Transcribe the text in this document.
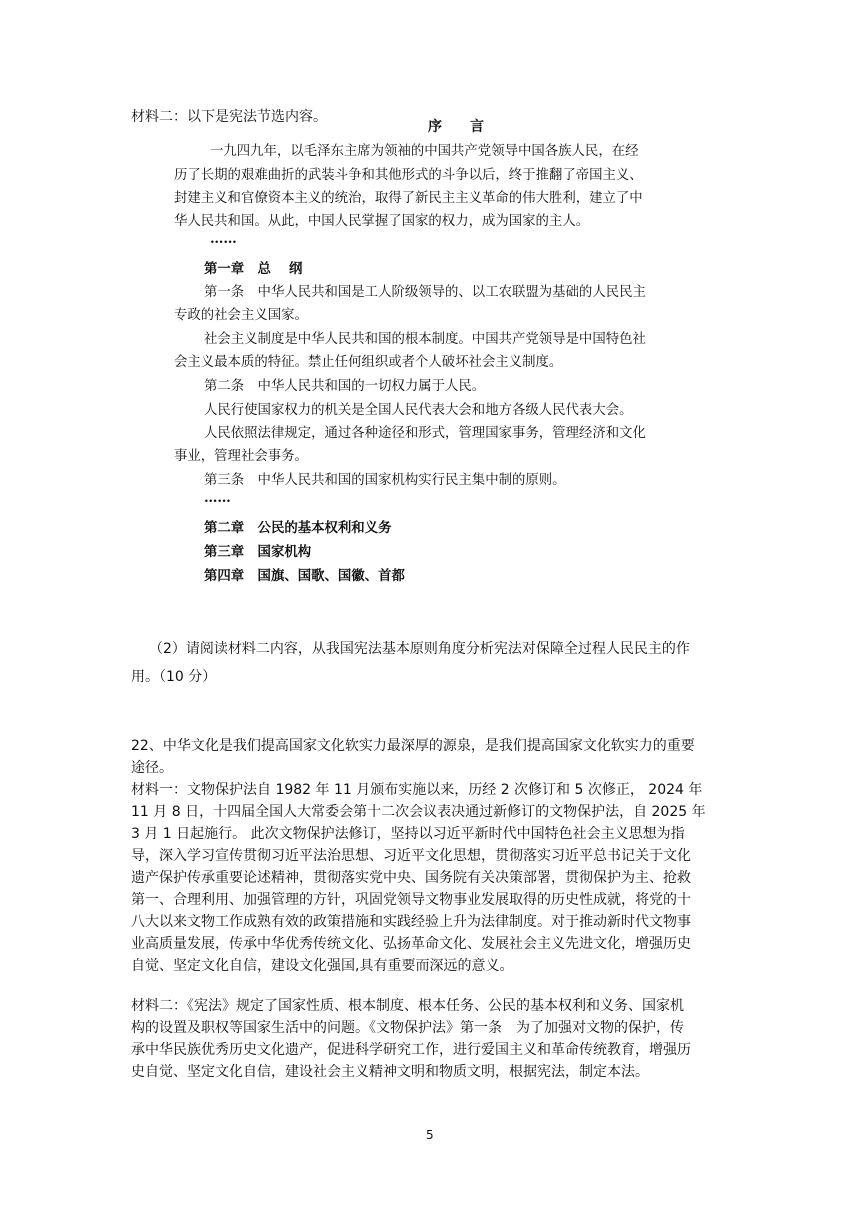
材料二：以下是宪法节选内容。
序　　言
一九四九年，以毛泽东主席为领袖的中国共产党领导中国各族人民，在经
历了长期的艰难曲折的武装斗争和其他形式的斗争以后，终于推翻了帝国主义、
封建主义和官僚资本主义的统治，取得了新民主主义革命的伟大胜利，建立了中
华人民共和国。从此，中国人民掌握了国家的权力，成为国家的主人。
……
第一章　总　 纲
第一条　中华人民共和国是工人阶级领导的、以工农联盟为基础的人民民主
专政的社会主义国家。
社会主义制度是中华人民共和国的根本制度。中国共产党领导是中国特色社
会主义最本质的特征。禁止任何组织或者个人破坏社会主义制度。
第二条　中华人民共和国的一切权力属于人民。
人民行使国家权力的机关是全国人民代表大会和地方各级人民代表大会。
人民依照法律规定，通过各种途径和形式，管理国家事务，管理经济和文化
事业，管理社会事务。
第三条　中华人民共和国的国家机构实行民主集中制的原则。
……
第二章　公民的基本权利和义务
第三章　国家机构
第四章　国旗、国歌、国徽、首都
（2）请阅读材料二内容，从我国宪法基本原则角度分析宪法对保障全过程人民民主的作
用。（10 分）
22、中华文化是我们提高国家文化软实力最深厚的源泉，是我们提高国家文化软实力的重要
途径。
材料一：文物保护法自 1982 年 11 月颁布实施以来，历经 2 次修订和 5 次修正， 2024 年
11 月 8 日，十四届全国人大常委会第十二次会议表决通过新修订的文物保护法，自 2025 年
3 月 1 日起施行。 此次文物保护法修订，坚持以习近平新时代中国特色社会主义思想为指
导，深入学习宣传贯彻习近平法治思想、习近平文化思想，贯彻落实习近平总书记关于文化
遗产保护传承重要论述精神，贯彻落实党中央、国务院有关决策部署，贯彻保护为主、抢救
第一、合理利用、加强管理的方针，巩固党领导文物事业发展取得的历史性成就，将党的十
八大以来文物工作成熟有效的政策措施和实践经验上升为法律制度。对于推动新时代文物事
业高质量发展，传承中华优秀传统文化、弘扬革命文化、发展社会主义先进文化，增强历史
自觉、坚定文化自信，建设文化强国,具有重要而深远的意义。
材料二：《宪法》规定了国家性质、根本制度、根本任务、公民的基本权利和义务、国家机
构的设置及职权等国家生活中的问题。《文物保护法》第一条　为了加强对文物的保护，传
承中华民族优秀历史文化遗产，促进科学研究工作，进行爱国主义和革命传统教育，增强历
史自觉、坚定文化自信，建设社会主义精神文明和物质文明，根据宪法，制定本法。
5
